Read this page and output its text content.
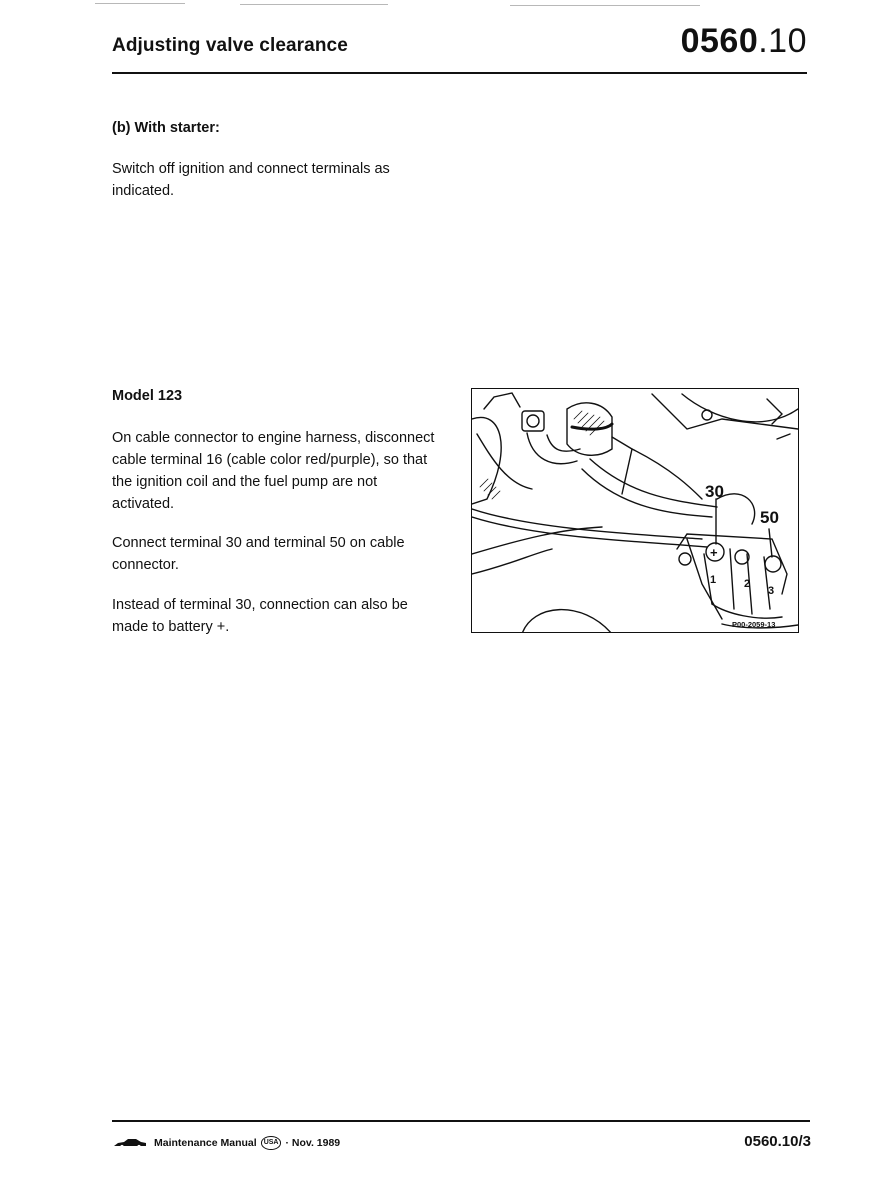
Adjusting valve clearance	0560.10
(b) With starter:

Switch off ignition and connect terminals as indicated.

Model 123

On cable connector to engine harness, disconnect cable terminal 16 (cable color red/purple), so that the ignition coil and the fuel pump are not activated.

Connect terminal 30 and terminal 50 on cable connector.

Instead of terminal 30, connection can also be made to battery +.

30
50
+
1	2
3
P00-2059-13
Maintenance Manual	USA · Nov. 1989	0560.10/3
